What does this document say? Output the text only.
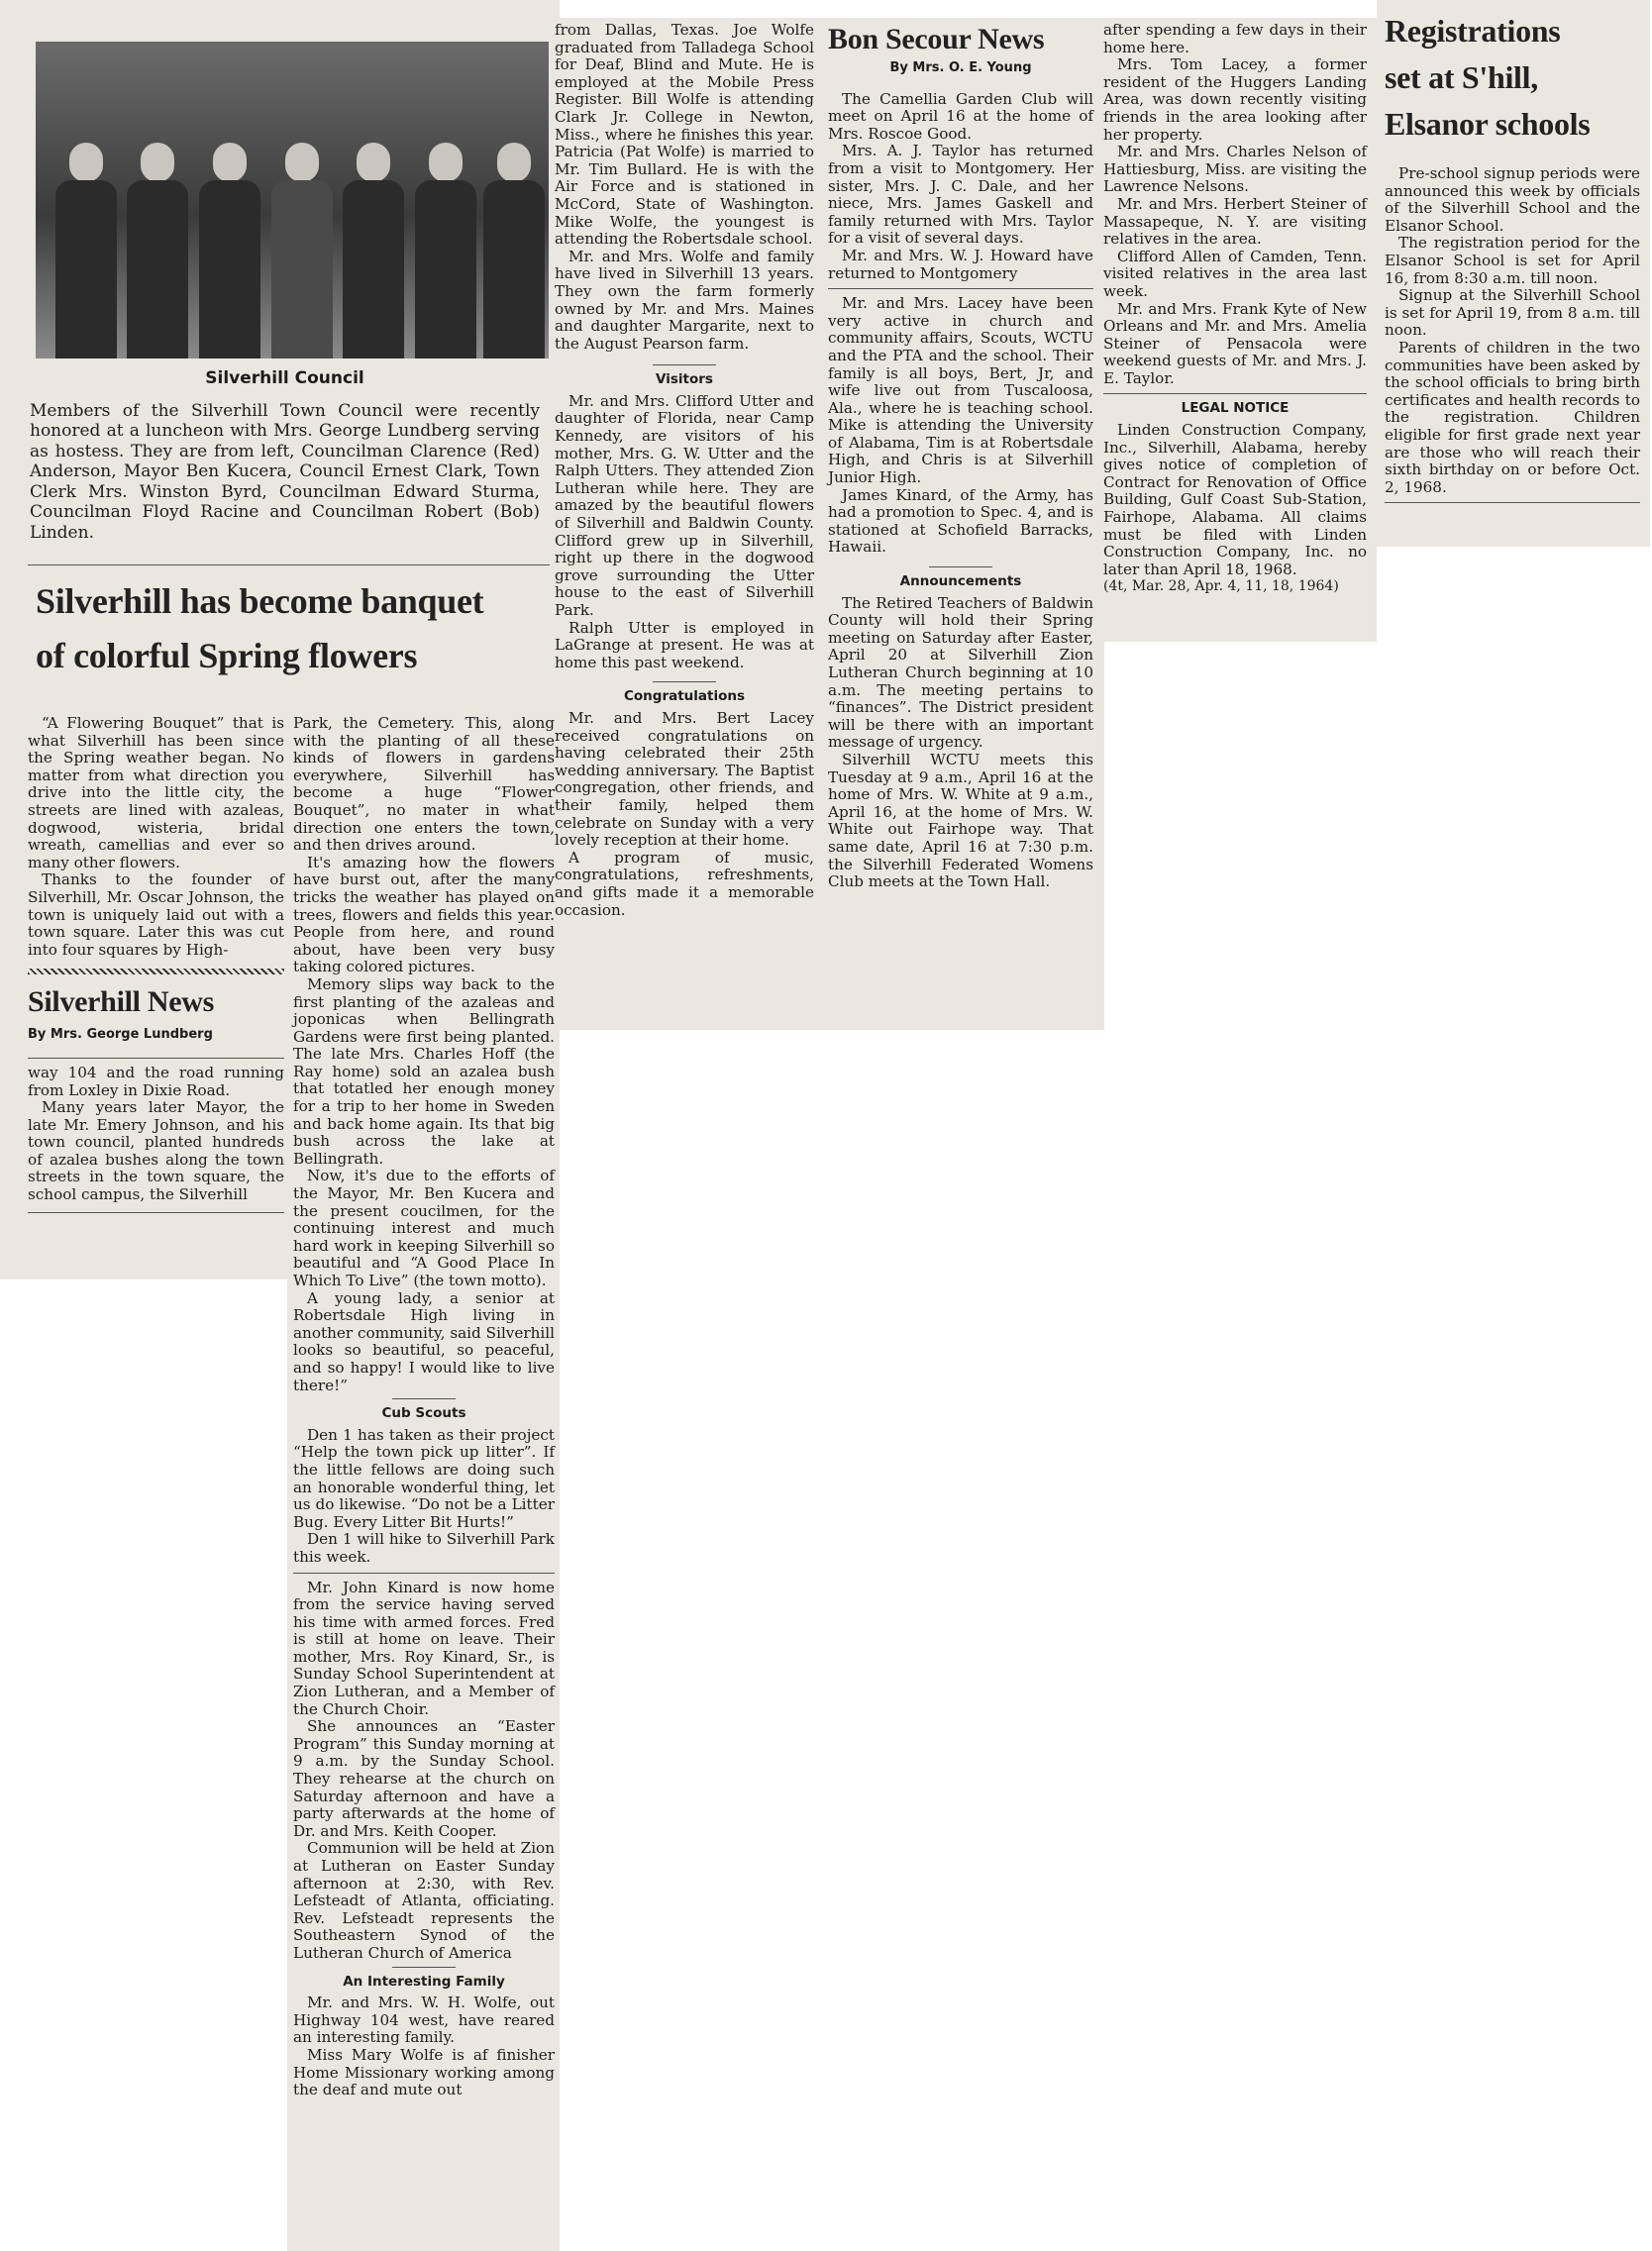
Silverhill Council
Members of the Silverhill Town Council were recently honored at a luncheon with Mrs. George Lundberg serving as hostess. They are from left, Councilman Clarence (Red) Anderson, Mayor Ben Kucera, Council Ernest Clark, Town Clerk Mrs. Winston Byrd, Councilman Edward Sturma, Councilman Floyd Racine and Councilman Robert (Bob) Linden.
Silverhill has become banquet
of colorful Spring flowers

“A Flowering Bouquet” that is what Silverhill has been since the Spring weather began. No matter from what direction you drive into the little city, the streets are lined with azaleas, dogwood, wisteria, bridal wreath, camellias and ever so many other flowers.

Thanks to the founder of Silverhill, Mr. Oscar Johnson, the town is uniquely laid out with a town square. Later this was cut into four squares by High-

Silverhill News
By Mrs. George Lundberg

way 104 and the road running from Loxley in Dixie Road.

Many years later Mayor, the late Mr. Emery Johnson, and his town council, planted hundreds of azalea bushes along the town streets in the town square, the school campus, the Silverhill

Park, the Cemetery. This, along with the planting of all these kinds of flowers in gardens everywhere, Silverhill has become a huge “Flower Bouquet”, no mater in what direction one enters the town, and then drives around.

It's amazing how the flowers have burst out, after the many tricks the weather has played on trees, flowers and fields this year. People from here, and round about, have been very busy taking colored pictures.

Memory slips way back to the first planting of the azaleas and joponicas when Bellingrath Gardens were first being planted. The late Mrs. Charles Hoff (the Ray home) sold an azalea bush that totatled her enough money for a trip to her home in Sweden and back home again. Its that big bush across the lake at Bellingrath.

Now, it's due to the efforts of the Mayor, Mr. Ben Kucera and the present coucilmen, for the continuing interest and much hard work in keeping Silverhill so beautiful and “A Good Place In Which To Live” (the town motto).

A young lady, a senior at Robertsdale High living in another community, said Silverhill looks so beautiful, so peaceful, and so happy! I would like to live there!”

Cub Scouts

Den 1 has taken as their project “Help the town pick up litter”. If the little fellows are doing such an honorable wonderful thing, let us do likewise. “Do not be a Litter Bug. Every Litter Bit Hurts!”

Den 1 will hike to Silverhill Park this week.

Mr. John Kinard is now home from the service having served his time with armed forces. Fred is still at home on leave. Their mother, Mrs. Roy Kinard, Sr., is Sunday School Superintendent at Zion Lutheran, and a Member of the Church Choir.

She announces an “Easter Program” this Sunday morning at 9 a.m. by the Sunday School. They rehearse at the church on Saturday afternoon and have a party afterwards at the home of Dr. and Mrs. Keith Cooper.

Communion will be held at Zion at Lutheran on Easter Sunday afternoon at 2:30, with Rev. Lefsteadt of Atlanta, officiating. Rev. Lefsteadt represents the Southeastern Synod of the Lutheran Church of America

An Interesting Family

Mr. and Mrs. W. H. Wolfe, out Highway 104 west, have reared an interesting family.

Miss Mary Wolfe is af finisher Home Missionary working among the deaf and mute out

from Dallas, Texas. Joe Wolfe graduated from Talladega School for Deaf, Blind and Mute. He is employed at the Mobile Press Register. Bill Wolfe is attending Clark Jr. College in Newton, Miss., where he finishes this year. Patricia (Pat Wolfe) is married to Mr. Tim Bullard. He is with the Air Force and is stationed in McCord, State of Washington. Mike Wolfe, the youngest is attending the Robertsdale school.

Mr. and Mrs. Wolfe and family have lived in Silverhill 13 years. They own the farm formerly owned by Mr. and Mrs. Maines and daughter Margarite, next to the August Pearson farm.

Visitors

Mr. and Mrs. Clifford Utter and daughter of Florida, near Camp Kennedy, are visitors of his mother, Mrs. G. W. Utter and the Ralph Utters. They attended Zion Lutheran while here. They are amazed by the beautiful flowers of Silverhill and Baldwin County. Clifford grew up in Silverhill, right up there in the dogwood grove surrounding the Utter house to the east of Silverhill Park.

Ralph Utter is employed in LaGrange at present. He was at home this past weekend.

Congratulations

Mr. and Mrs. Bert Lacey received congratulations on having celebrated their 25th wedding anniversary. The Baptist congregation, other friends, and their family, helped them celebrate on Sunday with a very lovely reception at their home.

A program of music, congratulations, refreshments, and gifts made it a memorable occasion.

Bon Secour News
By Mrs. O. E. Young

The Camellia Garden Club will meet on April 16 at the home of Mrs. Roscoe Good.

Mrs. A. J. Taylor has returned from a visit to Montgomery. Her sister, Mrs. J. C. Dale, and her niece, Mrs. James Gaskell and family returned with Mrs. Taylor for a visit of several days.

Mr. and Mrs. W. J. Howard have returned to Montgomery

Mr. and Mrs. Lacey have been very active in church and community affairs, Scouts, WCTU and the PTA and the school. Their family is all boys, Bert, Jr, and wife live out from Tuscaloosa, Ala., where he is teaching school. Mike is attending the University of Alabama, Tim is at Robertsdale High, and Chris is at Silverhill Junior High.

James Kinard, of the Army, has had a promotion to Spec. 4, and is stationed at Schofield Barracks, Hawaii.

Announcements

The Retired Teachers of Baldwin County will hold their Spring meeting on Saturday after Easter, April 20 at Silverhill Zion Lutheran Church beginning at 10 a.m. The meeting pertains to “finances”. The District president will be there with an important message of urgency.

Silverhill WCTU meets this Tuesday at 9 a.m., April 16 at the home of Mrs. W. White at 9 a.m., April 16, at the home of Mrs. W. White out Fairhope way. That same date, April 16 at 7:30 p.m. the Silverhill Federated Womens Club meets at the Town Hall.

after spending a few days in their home here.

Mrs. Tom Lacey, a former resident of the Huggers Landing Area, was down recently visiting friends in the area looking after her property.

Mr. and Mrs. Charles Nelson of Hattiesburg, Miss. are visiting the Lawrence Nelsons.

Mr. and Mrs. Herbert Steiner of Massapeque, N. Y. are visiting relatives in the area.

Clifford Allen of Camden, Tenn. visited relatives in the area last week.

Mr. and Mrs. Frank Kyte of New Orleans and Mr. and Mrs. Amelia Steiner of Pensacola were weekend guests of Mr. and Mrs. J. E. Taylor.

LEGAL NOTICE

Linden Construction Company, Inc., Silverhill, Alabama, hereby gives notice of completion of Contract for Renovation of Office Building, Gulf Coast Sub-Station, Fairhope, Alabama. All claims must be filed with Linden Construction Company, Inc. no later than April 18, 1968.

(4t, Mar. 28, Apr. 4, 11, 18, 1964)
Registrations
set at S'hill,
Elsanor schools

Pre-school signup periods were announced this week by officials of the Silverhill School and the Elsanor School.

The registration period for the Elsanor School is set for April 16, from 8:30 a.m. till noon.

Signup at the Silverhill School is set for April 19, from 8 a.m. till noon.

Parents of children in the two communities have been asked by the school officials to bring birth certificates and health records to the registration. Children eligible for first grade next year are those who will reach their sixth birthday on or before Oct. 2, 1968.
